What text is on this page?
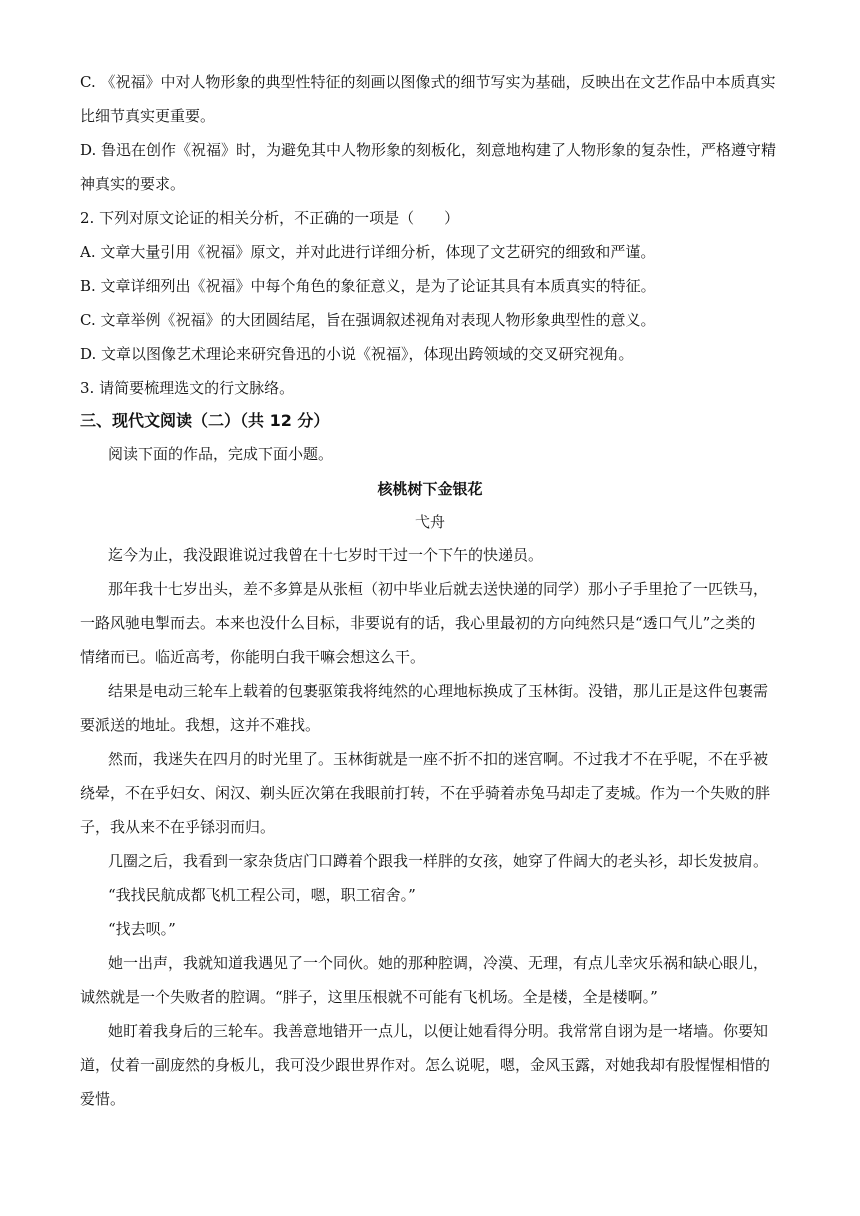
C. 《祝福》中对人物形象的典型性特征的刻画以图像式的细节写实为基础，反映出在文艺作品中本质真实
比细节真实更重要。
D. 鲁迅在创作《祝福》时，为避免其中人物形象的刻板化，刻意地构建了人物形象的复杂性，严格遵守精
神真实的要求。
2. 下列对原文论证的相关分析，不正确的一项是（　　）
A. 文章大量引用《祝福》原文，并对此进行详细分析，体现了文艺研究的细致和严谨。
B. 文章详细列出《祝福》中每个角色的象征意义，是为了论证其具有本质真实的特征。
C. 文章举例《祝福》的大团圆结尾，旨在强调叙述视角对表现人物形象典型性的意义。
D. 文章以图像艺术理论来研究鲁迅的小说《祝福》，体现出跨领域的交叉研究视角。
3. 请简要梳理选文的行文脉络。
三、现代文阅读（二）（共 12 分）
阅读下面的作品，完成下面小题。
核桃树下金银花
弋舟
迄今为止，我没跟谁说过我曾在十七岁时干过一个下午的快递员。
那年我十七岁出头，差不多算是从张桓（初中毕业后就去送快递的同学）那小子手里抢了一匹铁马，
一路风驰电掣而去。本来也没什么目标，非要说有的话，我心里最初的方向纯然只是“透口气儿”之类的
情绪而已。临近高考，你能明白我干嘛会想这么干。
结果是电动三轮车上载着的包裹驱策我将纯然的心理地标换成了玉林街。没错，那儿正是这件包裹需
要派送的地址。我想，这并不难找。
然而，我迷失在四月的时光里了。玉林街就是一座不折不扣的迷宫啊。不过我才不在乎呢，不在乎被
绕晕，不在乎妇女、闲汉、剃头匠次第在我眼前打转，不在乎骑着赤兔马却走了麦城。作为一个失败的胖
子，我从来不在乎铩羽而归。
几圈之后，我看到一家杂货店门口蹲着个跟我一样胖的女孩，她穿了件阔大的老头衫，却长发披肩。
“我找民航成都飞机工程公司，嗯，职工宿舍。”
“找去呗。”
她一出声，我就知道我遇见了一个同伙。她的那种腔调，冷漠、无理，有点儿幸灾乐祸和缺心眼儿，
诚然就是一个失败者的腔调。“胖子，这里压根就不可能有飞机场。全是楼，全是楼啊。”
她盯着我身后的三轮车。我善意地错开一点儿，以便让她看得分明。我常常自诩为是一堵墙。你要知
道，仗着一副庞然的身板儿，我可没少跟世界作对。怎么说呢，嗯，金风玉露，对她我却有股惺惺相惜的
爱惜。
